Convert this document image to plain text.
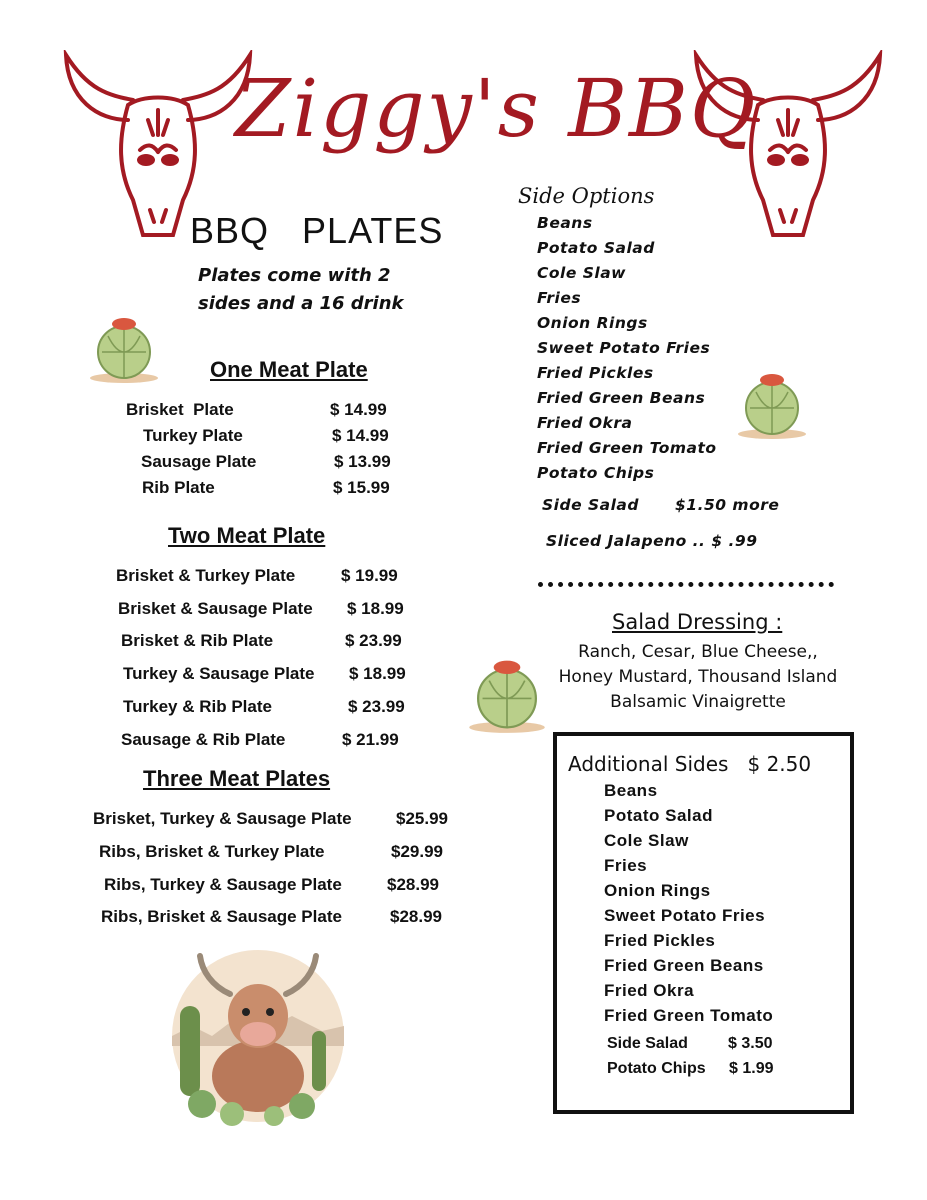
Ziggy's BBQ
BBQ   PLATES
Plates come with 2
sides and a 16 drink
One Meat Plate
Brisket  Plate	$ 14.99
Turkey Plate	$ 14.99
Sausage Plate	$ 13.99
Rib Plate	$ 15.99
Two Meat Plate
Brisket & Turkey Plate	$ 19.99
Brisket & Sausage Plate $ 18.99
Brisket & Rib Plate	$ 23.99
Turkey & Sausage Plate $ 18.99
Turkey & Rib Plate	$ 23.99
Sausage & Rib Plate	$ 21.99
Three Meat Plates
Brisket, Turkey & Sausage Plate	$25.99
Ribs, Brisket & Turkey Plate	$29.99
Ribs, Turkey & Sausage Plate	$28.99
Ribs, Brisket & Sausage Plate	$28.99
Side Options
Beans
Potato Salad
Cole Slaw
Fries
Onion Rings
Sweet Potato Fries
Fried Pickles
Fried Green Beans
Fried Okra
Fried Green Tomato
Potato Chips
Side Salad $1.50 more
Sliced Jalapeno .. $ .99
Salad Dressing :
Ranch, Cesar, Blue Cheese,,
Honey Mustard, Thousand Island
Balsamic Vinaigrette
Additional Sides   $ 2.50
Beans
Potato Salad
Cole Slaw
Fries
Onion Rings
Sweet Potato Fries
Fried Pickles
Fried Green Beans
Fried Okra
Fried Green Tomato
Side Salad	$ 3.50
Potato Chips $ 1.99
